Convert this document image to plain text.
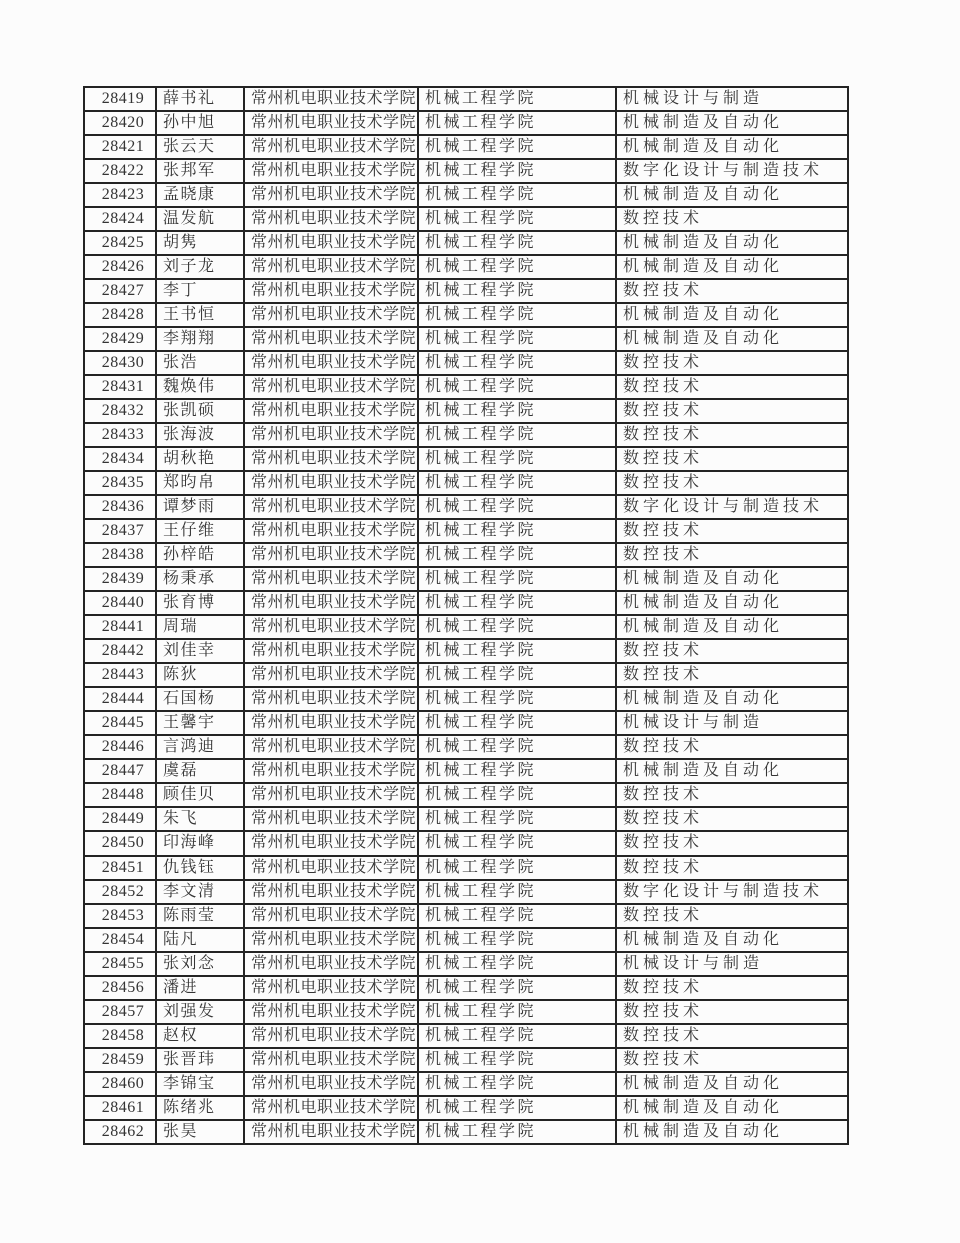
28419	薛书礼	常州机电职业技术学院	机械工程学院	机械设计与制造
28420	孙中旭	常州机电职业技术学院	机械工程学院	机械制造及自动化
28421	张云天	常州机电职业技术学院	机械工程学院	机械制造及自动化
28422	张邦军	常州机电职业技术学院	机械工程学院	数字化设计与制造技术
28423	孟晓康	常州机电职业技术学院	机械工程学院	机械制造及自动化
28424	温发航	常州机电职业技术学院	机械工程学院	数控技术
28425	胡隽	常州机电职业技术学院	机械工程学院	机械制造及自动化
28426	刘子龙	常州机电职业技术学院	机械工程学院	机械制造及自动化
28427	李丁	常州机电职业技术学院	机械工程学院	数控技术
28428	王书恒	常州机电职业技术学院	机械工程学院	机械制造及自动化
28429	李翔翔	常州机电职业技术学院	机械工程学院	机械制造及自动化
28430	张浩	常州机电职业技术学院	机械工程学院	数控技术
28431	魏焕伟	常州机电职业技术学院	机械工程学院	数控技术
28432	张凯硕	常州机电职业技术学院	机械工程学院	数控技术
28433	张海波	常州机电职业技术学院	机械工程学院	数控技术
28434	胡秋艳	常州机电职业技术学院	机械工程学院	数控技术
28435	郑昀帛	常州机电职业技术学院	机械工程学院	数控技术
28436	谭梦雨	常州机电职业技术学院	机械工程学院	数字化设计与制造技术
28437	王仔维	常州机电职业技术学院	机械工程学院	数控技术
28438	孙梓皓	常州机电职业技术学院	机械工程学院	数控技术
28439	杨秉承	常州机电职业技术学院	机械工程学院	机械制造及自动化
28440	张育博	常州机电职业技术学院	机械工程学院	机械制造及自动化
28441	周瑞	常州机电职业技术学院	机械工程学院	机械制造及自动化
28442	刘佳幸	常州机电职业技术学院	机械工程学院	数控技术
28443	陈狄	常州机电职业技术学院	机械工程学院	数控技术
28444	石国杨	常州机电职业技术学院	机械工程学院	机械制造及自动化
28445	王馨宇	常州机电职业技术学院	机械工程学院	机械设计与制造
28446	言鸿迪	常州机电职业技术学院	机械工程学院	数控技术
28447	虞磊	常州机电职业技术学院	机械工程学院	机械制造及自动化
28448	顾佳贝	常州机电职业技术学院	机械工程学院	数控技术
28449	朱飞	常州机电职业技术学院	机械工程学院	数控技术
28450	印海峰	常州机电职业技术学院	机械工程学院	数控技术
28451	仇钱钰	常州机电职业技术学院	机械工程学院	数控技术
28452	李文清	常州机电职业技术学院	机械工程学院	数字化设计与制造技术
28453	陈雨莹	常州机电职业技术学院	机械工程学院	数控技术
28454	陆凡	常州机电职业技术学院	机械工程学院	机械制造及自动化
28455	张刘念	常州机电职业技术学院	机械工程学院	机械设计与制造
28456	潘进	常州机电职业技术学院	机械工程学院	数控技术
28457	刘强发	常州机电职业技术学院	机械工程学院	数控技术
28458	赵权	常州机电职业技术学院	机械工程学院	数控技术
28459	张晋玮	常州机电职业技术学院	机械工程学院	数控技术
28460	李锦宝	常州机电职业技术学院	机械工程学院	机械制造及自动化
28461	陈绪兆	常州机电职业技术学院	机械工程学院	机械制造及自动化
28462	张昊	常州机电职业技术学院	机械工程学院	机械制造及自动化
